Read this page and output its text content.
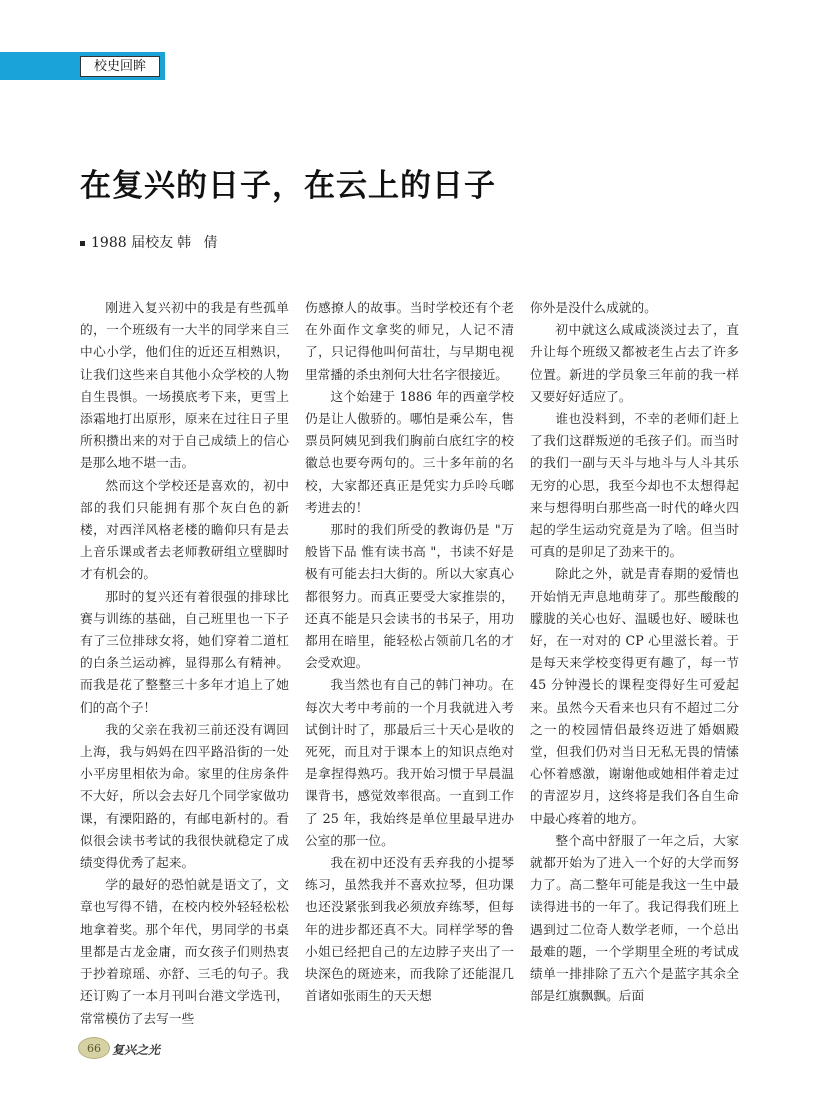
校史回眸
在复兴的日子，在云上的日子
1988 届校友 韩 倩

刚进入复兴初中的我是有些孤单的，一个班级有一大半的同学来自三中心小学，他们住的近还互相熟识，让我们这些来自其他小众学校的人物自生畏惧。一场摸底考下来，更雪上添霜地打出原形，原来在过往日子里所积攒出来的对于自己成绩上的信心是那么地不堪一击。

然而这个学校还是喜欢的，初中部的我们只能拥有那个灰白色的新楼，对西洋风格老楼的瞻仰只有是去上音乐课或者去老师教研组立壁脚时才有机会的。

那时的复兴还有着很强的排球比赛与训练的基础，自己班里也一下子有了三位排球女将，她们穿着二道杠的白条兰运动裤，显得那么有精神。而我是花了整整三十多年才追上了她们的高个子！

我的父亲在我初三前还没有调回上海，我与妈妈在四平路沿街的一处小平房里相依为命。家里的住房条件不大好，所以会去好几个同学家做功课，有溧阳路的，有邮电新村的。看似很会读书考试的我很快就稳定了成绩变得优秀了起来。

学的最好的恐怕就是语文了，文章也写得不错，在校内校外轻轻松松地拿着奖。那个年代，男同学的书桌里都是古龙金庸，而女孩子们则热衷于抄着琼瑶、亦舒、三毛的句子。我还订购了一本月刊叫台港文学选刊，常常模仿了去写一些

伤感撩人的故事。当时学校还有个老在外面作文拿奖的师兄，人记不清了，只记得他叫何苗壮，与早期电视里常播的杀虫剂何大壮名字很接近。

这个始建于 1886 年的西童学校仍是让人傲骄的。哪怕是乘公车，售票员阿姨见到我们胸前白底红字的校徽总也要夸两句的。三十多年前的名校，大家都还真正是凭实力乒呤乓啷考进去的！

那时的我们所受的教诲仍是 "万般皆下品 惟有读书高 "，书读不好是极有可能去扫大街的。所以大家真心都很努力。而真正要受大家推崇的，还真不能是只会读书的书呆子，用功都用在暗里，能轻松占领前几名的才会受欢迎。

我当然也有自己的韩门神功。在每次大考中考前的一个月我就进入考试倒计时了，那最后三十天心是收的死死，而且对于课本上的知识点绝对是拿捏得熟巧。我开始习惯于早晨温课背书，感觉效率很高。一直到工作了 25 年，我始终是单位里最早进办公室的那一位。

我在初中还没有丢弃我的小提琴练习，虽然我并不喜欢拉琴，但功课也还没紧张到我必须放弃练琴，但每年的进步都还真不大。同样学琴的鲁小姐已经把自己的左边脖子夹出了一块深色的斑迹来，而我除了还能混几首诸如张雨生的天天想

你外是没什么成就的。

初中就这么咸咸淡淡过去了，直升让每个班级又都被老生占去了许多位置。新进的学员象三年前的我一样又要好好适应了。

谁也没料到，不幸的老师们赶上了我们这群叛逆的毛孩子们。而当时的我们一副与天斗与地斗与人斗其乐无穷的心思，我至今却也不太想得起来与想得明白那些高一时代的峰火四起的学生运动究竟是为了啥。但当时可真的是卯足了劲来干的。

除此之外，就是青春期的爱情也开始悄无声息地萌芽了。那些酸酸的朦胧的关心也好、温暖也好、暧昧也好，在一对对的 CP 心里滋长着。于是每天来学校变得更有趣了，每一节 45 分钟漫长的课程变得好生可爱起来。虽然今天看来也只有不超过二分之一的校园情侣最终迈进了婚姻殿堂，但我们仍对当日无私无畏的情愫心怀着感激，谢谢他或她相伴着走过的青涩岁月，这终将是我们各自生命中最心疼着的地方。

整个高中舒服了一年之后，大家就都开始为了进入一个好的大学而努力了。高二整年可能是我这一生中最读得进书的一年了。我记得我们班上遇到过二位奇人数学老师，一个总出最难的题，一个学期里全班的考试成绩单一排排除了五六个是蓝字其余全部是红旗飘飘。后面

66 复兴之光
